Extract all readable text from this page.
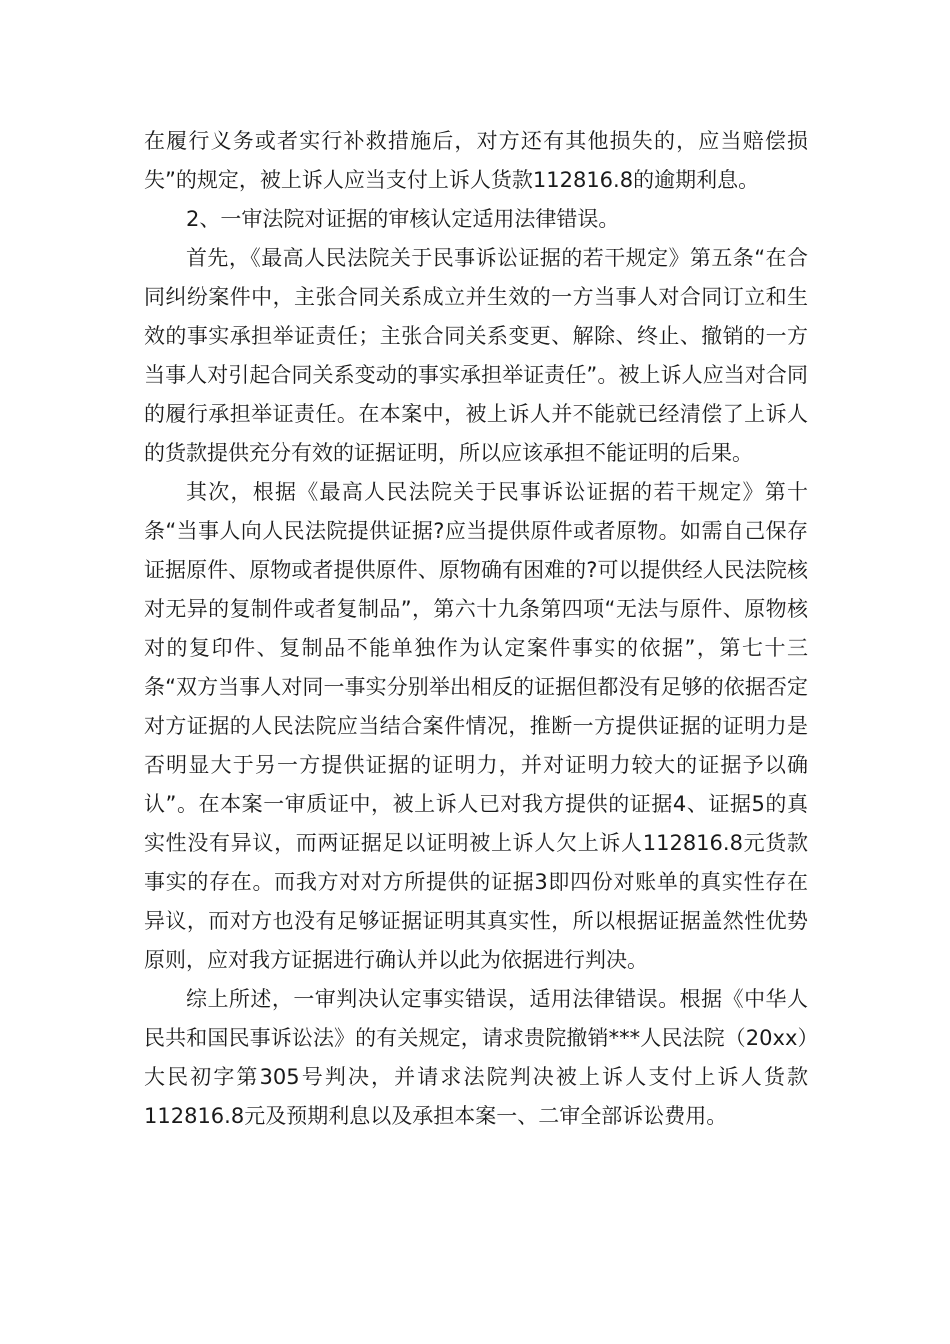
在履行义务或者实行补救措施后，对方还有其他损失的，应当赔偿损失”的规定，被上诉人应当支付上诉人货款112816.8的逾期利息。

2、一审法院对证据的审核认定适用法律错误。

首先，《最高人民法院关于民事诉讼证据的若干规定》第五条“在合同纠纷案件中，主张合同关系成立并生效的一方当事人对合同订立和生效的事实承担举证责任；主张合同关系变更、解除、终止、撤销的一方当事人对引起合同关系变动的事实承担举证责任”。被上诉人应当对合同的履行承担举证责任。在本案中，被上诉人并不能就已经清偿了上诉人的货款提供充分有效的证据证明，所以应该承担不能证明的后果。

其次，根据《最高人民法院关于民事诉讼证据的若干规定》第十条“当事人向人民法院提供证据?应当提供原件或者原物。如需自己保存证据原件、原物或者提供原件、原物确有困难的?可以提供经人民法院核对无异的复制件或者复制品”，第六十九条第四项“无法与原件、原物核对的复印件、复制品不能单独作为认定案件事实的依据”，第七十三条“双方当事人对同一事实分别举出相反的证据但都没有足够的依据否定对方证据的人民法院应当结合案件情况，推断一方提供证据的证明力是否明显大于另一方提供证据的证明力，并对证明力较大的证据予以确认”。在本案一审质证中，被上诉人已对我方提供的证据4、证据5的真实性没有异议，而两证据足以证明被上诉人欠上诉人112816.8元货款事实的存在。而我方对对方所提供的证据3即四份对账单的真实性存在异议，而对方也没有足够证据证明其真实性，所以根据证据盖然性优势原则，应对我方证据进行确认并以此为依据进行判决。

综上所述，一审判决认定事实错误，适用法律错误。根据《中华人民共和国民事诉讼法》的有关规定，请求贵院撤销***人民法院（20xx）大民初字第305号判决，并请求法院判决被上诉人支付上诉人货款112816.8元及预期利息以及承担本案一、二审全部诉讼费用。
